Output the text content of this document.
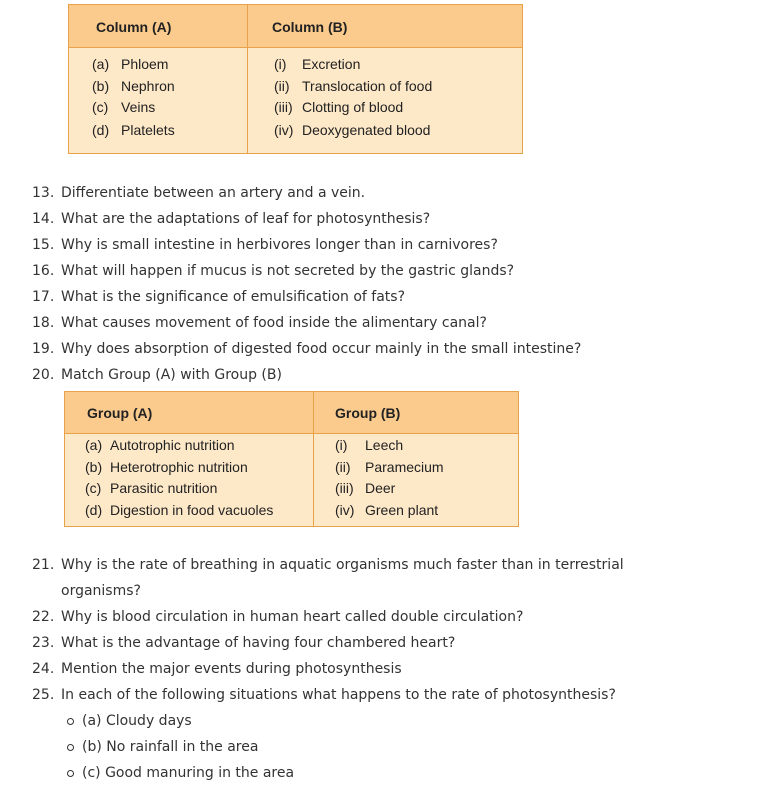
Column (A)	Column (B)
(a) Phloem
(b) Nephron
(c) Veins
(d) Platelets
(i) Excretion
(ii) Translocation of food
(iii) Clotting of blood
(iv) Deoxygenated blood
13. Differentiate between an artery and a vein.
14. What are the adaptations of leaf for photosynthesis?
15. Why is small intestine in herbivores longer than in carnivores?
16. What will happen if mucus is not secreted by the gastric glands?
17. What is the significance of emulsification of fats?
18. What causes movement of food inside the alimentary canal?
19. Why does absorption of digested food occur mainly in the small intestine?
20. Match Group (A) with Group (B)
Group (A)	Group (B)
(a) Autotrophic nutrition
(b) Heterotrophic nutrition
(c) Parasitic nutrition
(d) Digestion in food vacuoles
(i) Leech
(ii) Paramecium
(iii) Deer
(iv) Green plant
21. Why is the rate of breathing in aquatic organisms much faster than in terrestrial
organisms?
22. Why is blood circulation in human heart called double circulation?
23. What is the advantage of having four chambered heart?
24. Mention the major events during photosynthesis
25. In each of the following situations what happens to the rate of photosynthesis?
(a) Cloudy days
(b) No rainfall in the area
(c) Good manuring in the area
